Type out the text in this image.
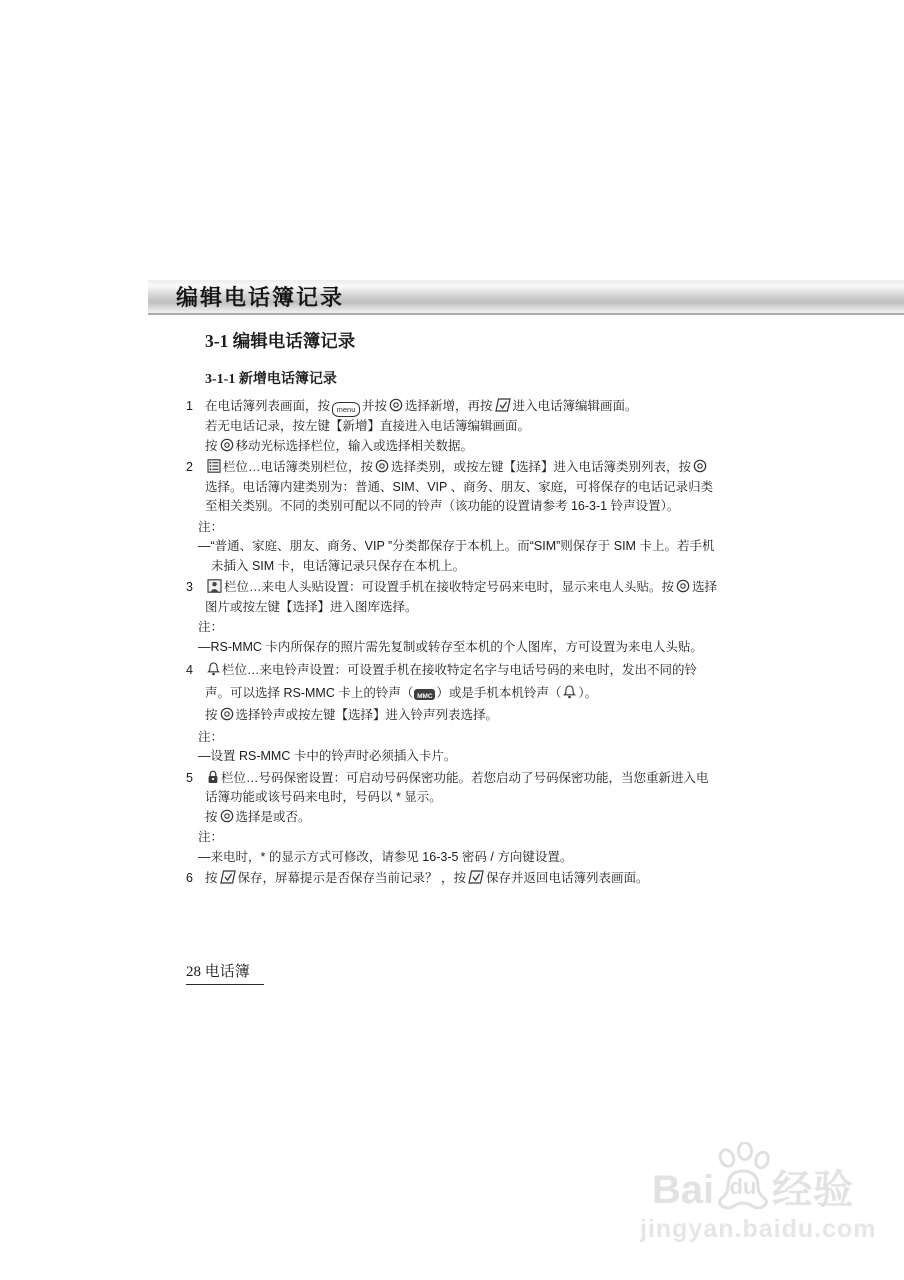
编辑电话簿记录
3-1 编辑电话簿记录
3-1-1 新增电话簿记录
1 在电话簿列表画面，按 menu 并按 选择新增，再按 进入电话簿编辑画面。
若无电话记录，按左键【新增】直接进入电话簿编辑画面。
按 移动光标选择栏位，输入或选择相关数据。
2	栏位…电话簿类别栏位，按 选择类别，或按左键【选择】进入电话簿类别列表，按选择。电话簿内建类别为：普通、SIM、VIP 、商务、朋友、家庭，可将保存的电话记录归类至相关类别。不同的类别可配以不同的铃声（该功能的设置请参考 16-3-1 铃声设置）。

注：

—“普通、家庭、朋友、商务、VIP ”分类都保存于本机上。而“SIM”则保存于 SIM 卡上。若手机未插入 SIM 卡，电话簿记录只保存在本机上。

3	栏位…来电人头贴设置：可设置手机在接收特定号码来电时，显示来电人头贴。按 选择图片或按左键【选择】进入图库选择。

注：

—RS-MMC 卡内所保存的照片需先复制或转存至本机的个人图库，方可设置为来电人头贴。

4	栏位…来电铃声设置：可设置手机在接收特定名字与电话号码的来电时，发出不同的铃声。可以选择 RS-MMC 卡上的铃声（ MMC ）或是手机本机铃声（ ）。
按 选择铃声或按左键【选择】进入铃声列表选择。

注：

—设置 RS-MMC 卡中的铃声时必须插入卡片。

5	栏位…号码保密设置：可启动号码保密功能。若您启动了号码保密功能，当您重新进入电话簿功能或该号码来电时，号码以 * 显示。
按 选择是或否。

注：

—来电时，* 的显示方式可修改，请参见 16-3-5 密码 / 方向键设置。

6 按 保存，屏幕提示是否保存当前记录？ ，按 保存并返回电话簿列表画面。
28 电话簿
Bai du 经验
jingyan.baidu.com
